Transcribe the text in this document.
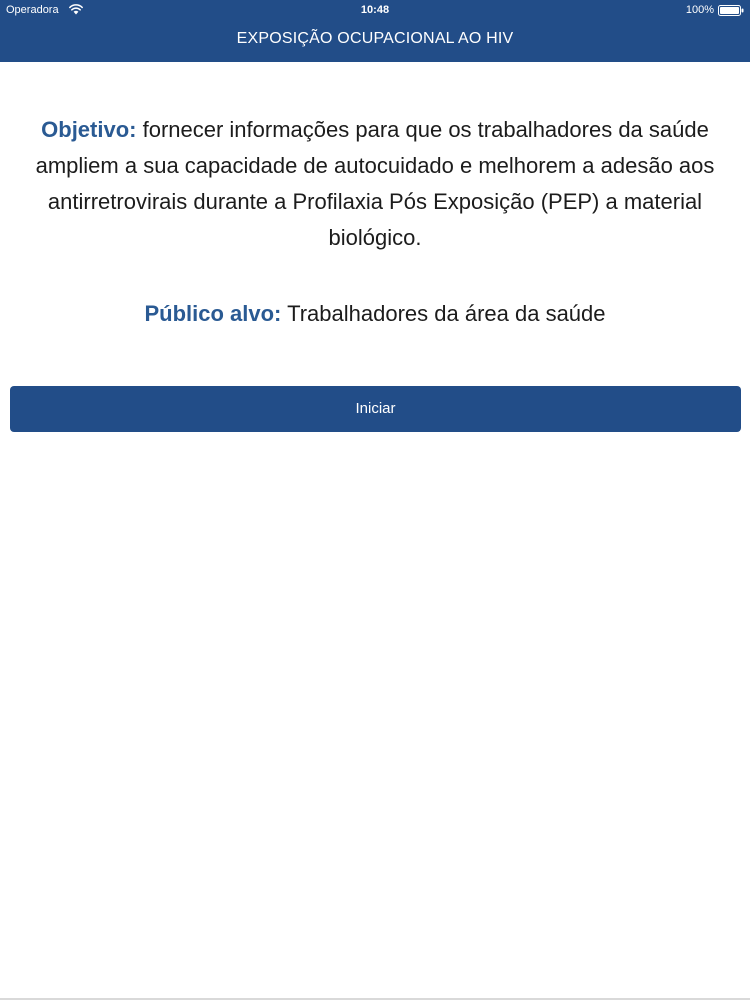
Operadora	10:48	100%
EXPOSIÇÃO OCUPACIONAL AO HIV
Objetivo: fornecer informações para que os trabalhadores da saúde ampliem a sua capacidade de autocuidado e melhorem a adesão aos antirretrovirais durante a Profilaxia Pós Exposição (PEP) a material biológico.
Público alvo: Trabalhadores da área da saúde
Iniciar
